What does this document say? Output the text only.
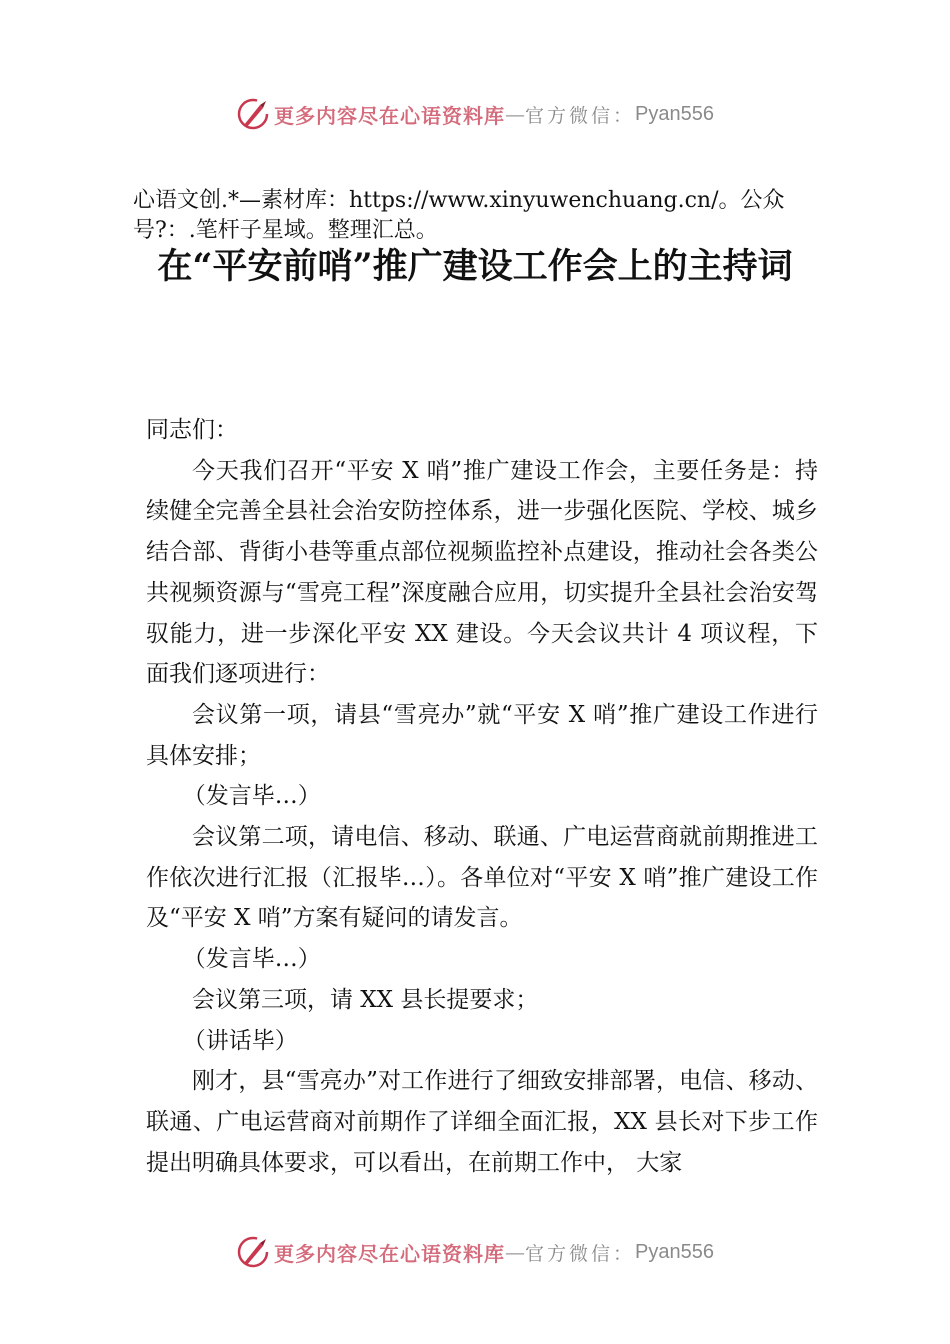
更多内容尽在心语资料库 — 官方微信： Pyan556
心语文创.*—素材库：https://www.xinyuwenchuang.cn/。公众号?：.笔杆子星域。整理汇总。
在“平安前哨”推广建设工作会上的主持词

同志们：

今天我们召开“平安 X 哨”推广建设工作会，主要任务是：持续健全完善全县社会治安防控体系，进一步强化医院、学校、城乡结合部、背街小巷等重点部位视频监控补点建设，推动社会各类公共视频资源与“雪亮工程”深度融合应用，切实提升全县社会治安驾驭能力，进一步深化平安 XX 建设。今天会议共计 4 项议程，下面我们逐项进行：

会议第一项，请县“雪亮办”就“平安 X 哨”推广建设工作进行具体安排；

（发言毕…）

会议第二项，请电信、移动、联通、广电运营商就前期推进工作依次进行汇报（汇报毕…）。各单位对“平安 X 哨”推广建设工作及“平安 X 哨”方案有疑问的请发言。

（发言毕…）

会议第三项，请 XX 县长提要求；

（讲话毕）

刚才，县“雪亮办”对工作进行了细致安排部署，电信、移动、联通、广电运营商对前期作了详细全面汇报，XX 县长对下步工作提出明确具体要求，可以看出，在前期工作中， 大家

更多内容尽在心语资料库 — 官方微信： Pyan556
